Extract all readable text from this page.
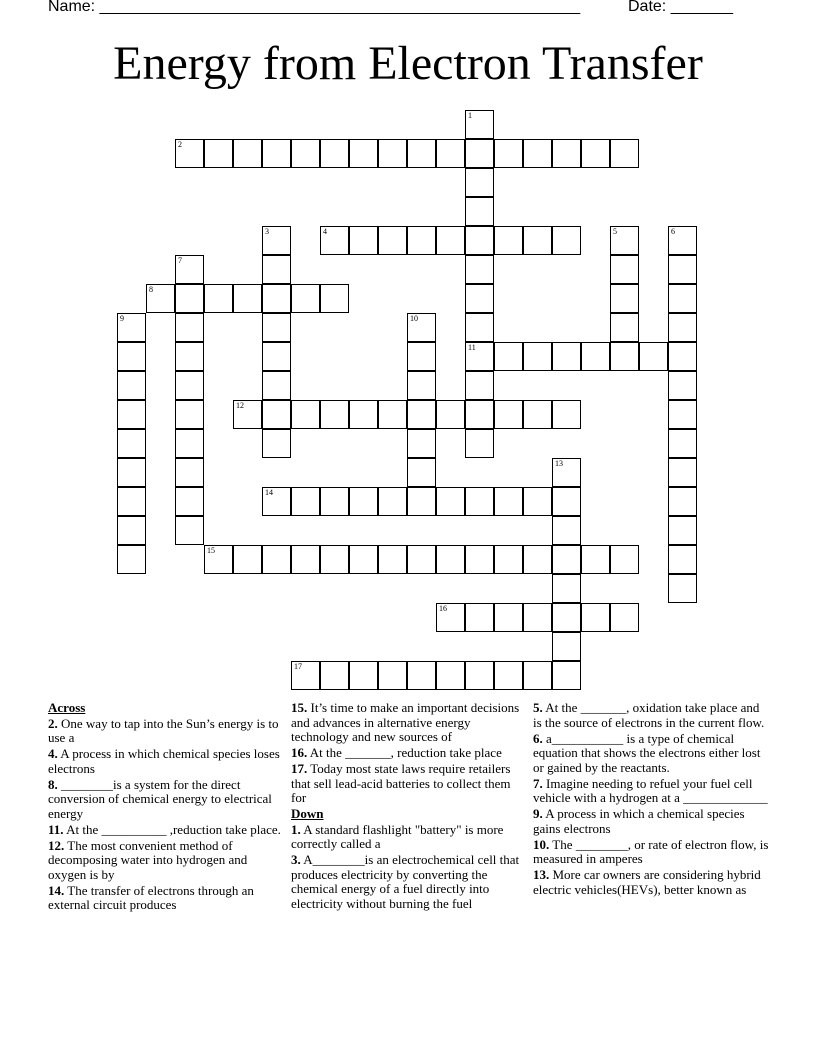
Name: ______________________________________________________	Date: _______
Energy from Electron Transfer
1
11
2
3	4	5	6
7
8
9	10
12
13
14
15
16
17
Across
2. One way to tap into the Sun’s energy is to use a
4. A process in which chemical species loses electrons
8. ________is a system for the direct conversion of chemical energy to electrical energy
11. At the __________ ,reduction take place.
12. The most convenient method of decomposing water into hydrogen and oxygen is by
14. The transfer of electrons through an external circuit produces
15. It’s time to make an important decisions and advances in alternative energy technology and new sources of
16. At the _______, reduction take place
17. Today most state laws require retailers that sell lead-acid batteries to collect them for
Down
1. A standard flashlight "battery" is more correctly called a
3. A________is an electrochemical cell that produces electricity by converting the chemical energy of a fuel directly into electricity without burning the fuel
5. At the _______, oxidation take place and is the source of electrons in the current flow.
6. a___________ is a type of chemical equation that shows the electrons either lost or gained by the reactants.
7. Imagine needing to refuel your fuel cell vehicle with a hydrogen at a _____________
9. A process in which a chemical species gains electrons
10. The ________, or rate of electron flow, is measured in amperes
13. More car owners are considering hybrid electric vehicles(HEVs), better known as
